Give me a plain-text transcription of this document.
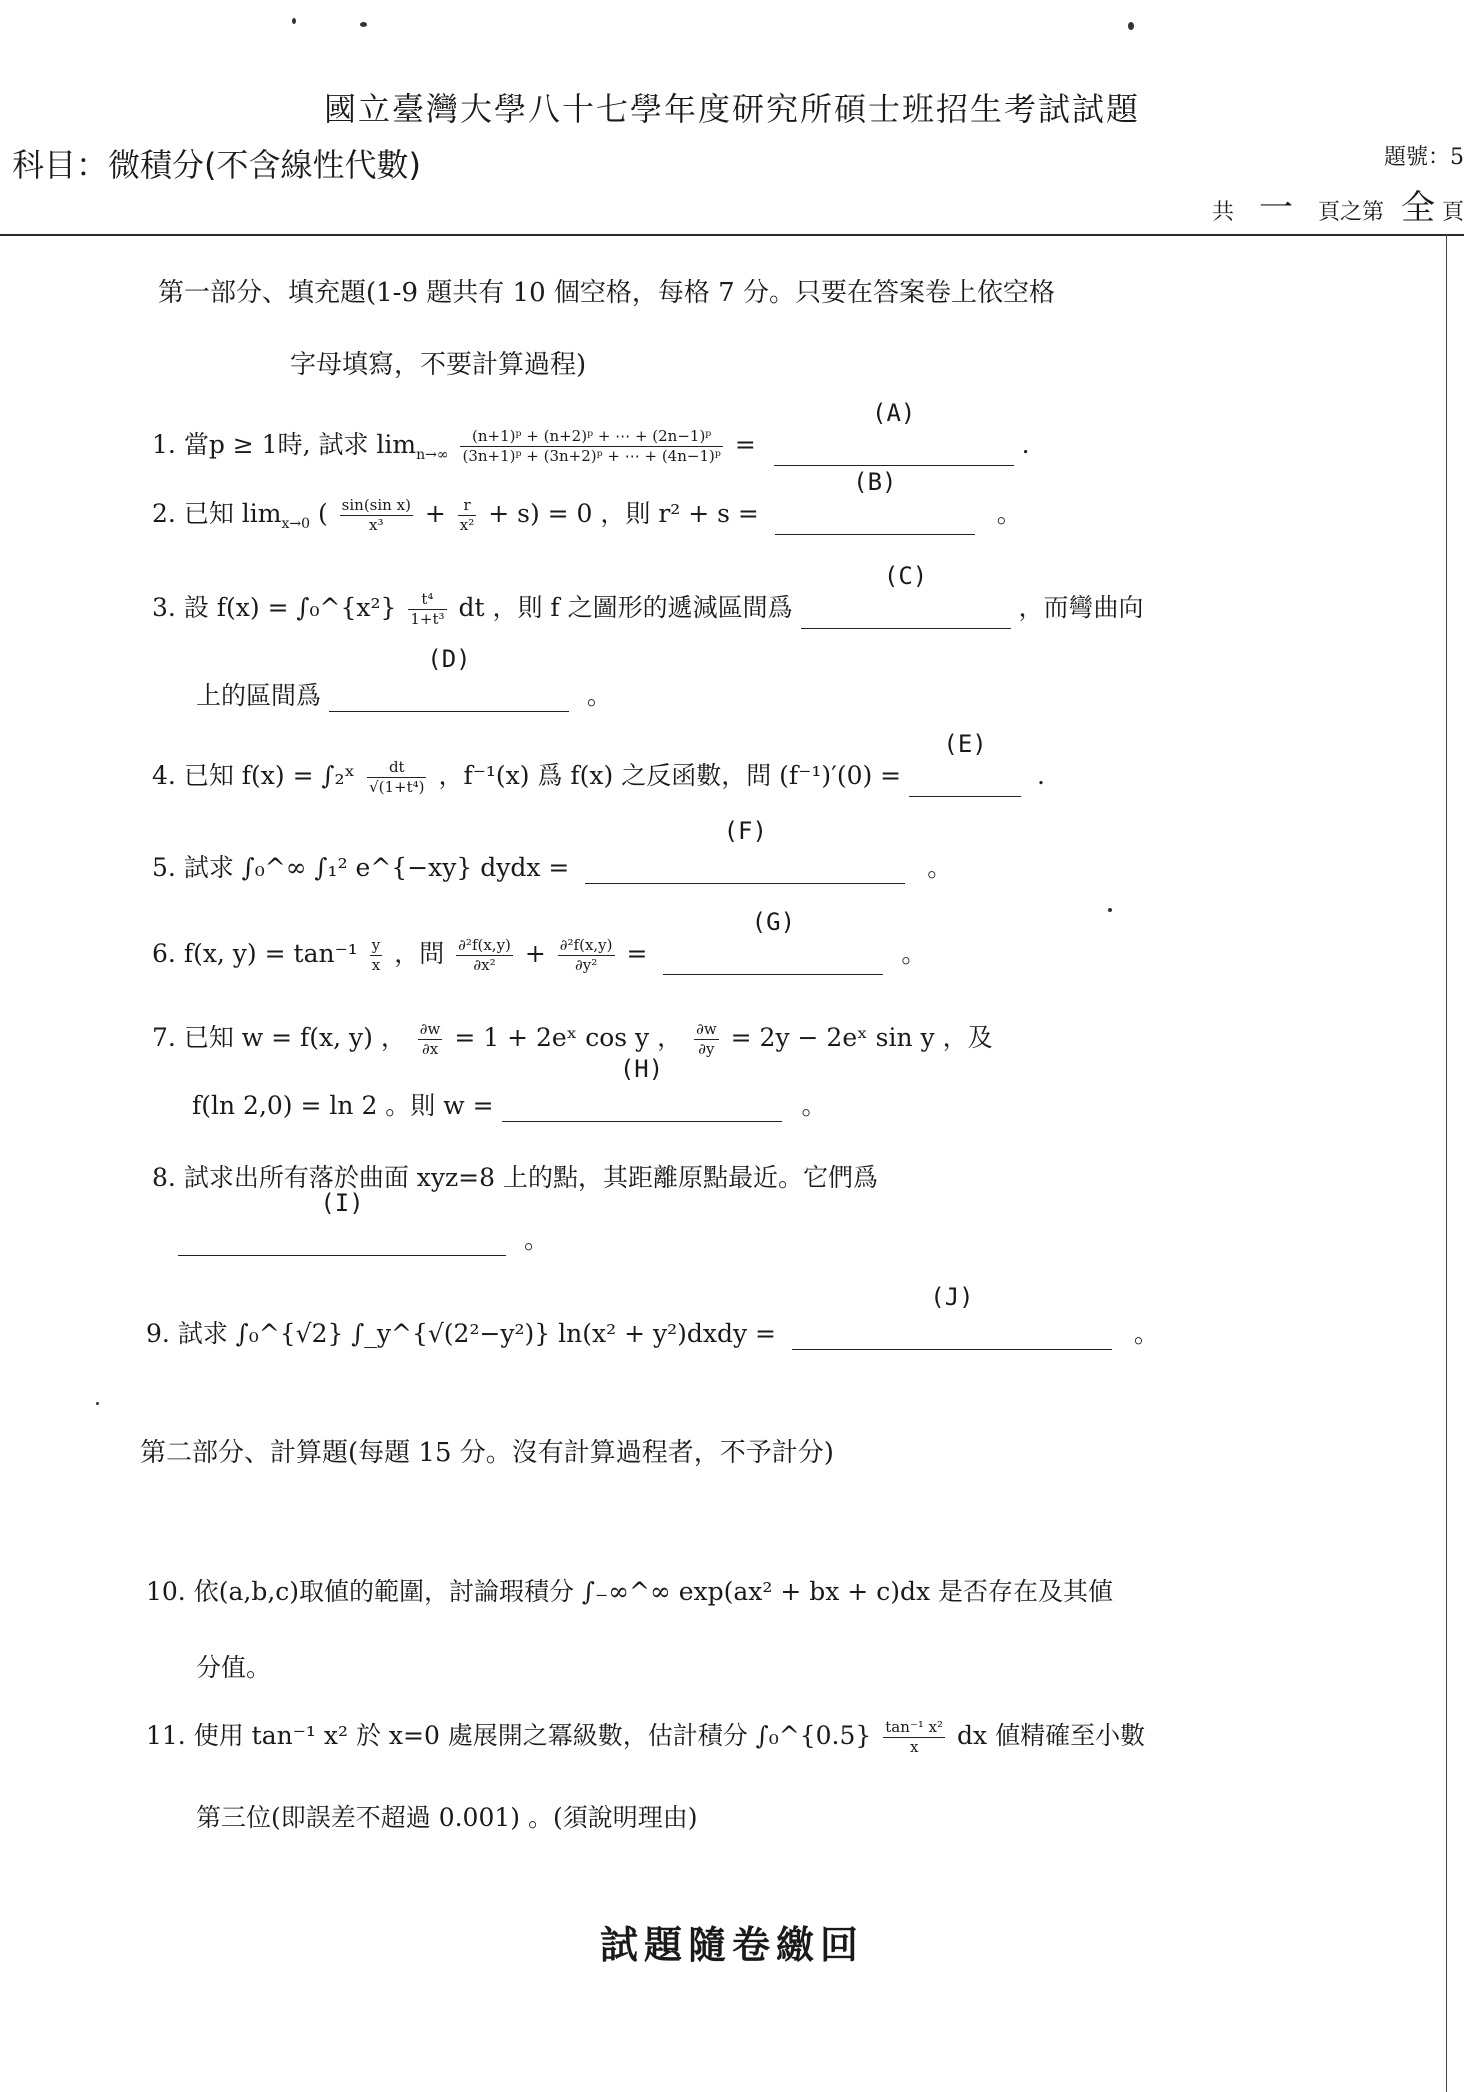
國立臺灣大學八十七學年度研究所碩士班招生考試試題
科目：微積分(不含線性代數)	題號：5
共 一 頁之第 全 頁
第一部分、填充題(1-9 題共有 10 個空格，每格 7 分。只要在答案卷上依空格
字母填寫，不要計算過程)
1. 當p ≥ 1時, 試求 $\lim_{n\to\infty} \frac{\text{(n+1)ᵖ + (n+2)ᵖ + ⋯ + (2n−1)ᵖ}}{\text{(3n+1)ᵖ + (3n+2)ᵖ + ⋯ + (4n−1)ᵖ}}$ =
(A)
.
2. 已知 $\lim_{x\to 0}$ ( $\frac{\text{sin(sin x)}}{\text{x³}} + \frac{r}{\text{x²}} + s) = 0$ ，則 r² + s =
(B)
。
3. 設 f(x) = ∫₀^{x²} $\frac{\text{t⁴}}{\text{1+t³}}$ dt ，則 f 之圖形的遞減區間爲
(C)
，而彎曲向
上的區間爲
(D)
。
4. 已知 f(x) = ∫₂ˣ $\frac{dt}{\text{√(1+t⁴)}}$ ，f⁻¹(x) 爲 f(x) 之反函數，問 (f⁻¹)′(0) =
(E)
.
5. 試求 ∫₀^∞ ∫₁² e^{−xy} dydx =
(F)
。
6. f(x, $y) = \tan^{-1} \frac{y}{x}$ ，問 $\frac{\text{∂²f(x,y)}}{\text{∂x²}} + \frac{\text{∂²f(x,y)}}{\text{∂y²}}$ =
(G)
。
7. 已知 w = f(x, y) ， $\frac{\partial w}{\partial x} = 1$ + 2eˣ cos y ， $\frac{\partial w}{\partial y} = 2y$ − 2eˣ sin y ，及
f(ln 2,0) = ln 2 。則 w =
(H)
。
8. 試求出所有落於曲面 xyz=8 上的點，其距離原點最近。它們爲
(I)
。
9. 試求 ∫₀^{√2} ∫_y^{√(2²−y²)} ln(x² + y²)dxdy =
(J)
。
第二部分、計算題(每題 15 分。沒有計算過程者，不予計分)
10. 依(a,b,c)取値的範圍，討論瑕積分 ∫₋∞^∞ exp(ax² + bx + c)dx 是否存在及其値
分值。
11. 使用 tan⁻¹ x² 於 x=0 處展開之冪級數，估計積分 ∫₀^{0.5} $\frac{\text{tan⁻¹ x²}}{x}$ dx 値精確至小數
第三位(即誤差不超過 0.001) 。(須說明理由)
試題隨卷繳回
